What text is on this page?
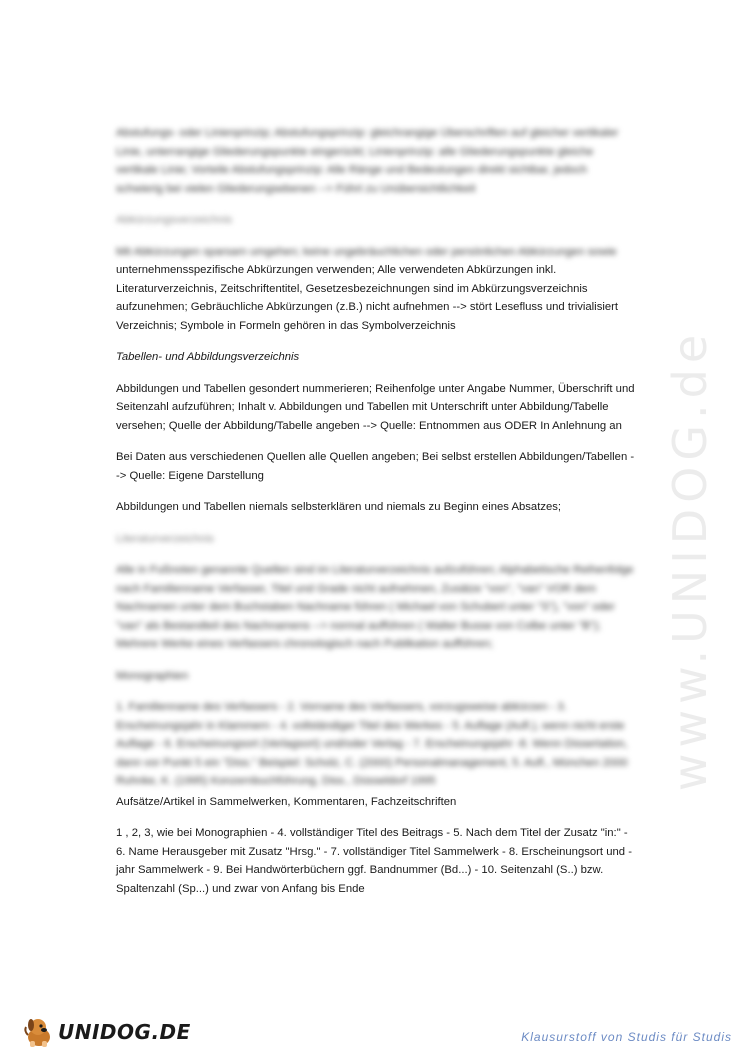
www.UNIDOG.de

Abstufungs- oder Linienprinzip; Abstufungsprinzip: gleichrangige Überschriften auf gleicher vertikaler Linie, unterrangige Gliederungspunkte eingerückt; Linienprinzip: alle Gliederungspunkte gleiche vertikale Linie; Vorteile Abstufungsprinzip: Alle Ränge und Bedeutungen direkt sichtbar, jedoch schwierig bei vielen Gliederungsebenen --> Führt zu Unübersichtlichkeit

Abkürzungsverzeichnis

Mit Abkürzungen sparsam umgehen; keine ungebräuchlichen oder persönlichen Abkürzungen sowie

unternehmensspezifische Abkürzungen verwenden; Alle verwendeten Abkürzungen inkl. Literaturverzeichnis, Zeitschriftentitel, Gesetzesbezeichnungen sind im Abkürzungsverzeichnis aufzunehmen; Gebräuchliche Abkürzungen (z.B.) nicht aufnehmen --> stört Lesefluss und trivialisiert Verzeichnis; Symbole in Formeln gehören in das Symbolverzeichnis

Tabellen- und Abbildungsverzeichnis

Abbildungen und Tabellen gesondert nummerieren; Reihenfolge unter Angabe Nummer, Überschrift und Seitenzahl aufzuführen; Inhalt v. Abbildungen und Tabellen mit Unterschrift unter Abbildung/Tabelle versehen; Quelle der Abbildung/Tabelle angeben --> Quelle: Entnommen aus ODER In Anlehnung an

Bei Daten aus verschiedenen Quellen alle Quellen angeben; Bei selbst erstellen Abbildungen/Tabellen --> Quelle: Eigene Darstellung

Abbildungen und Tabellen niemals selbsterklären und niemals zu Beginn eines Absatzes;

Literaturverzeichnis

Alle in Fußnoten genannte Quellen sind im Literaturverzeichnis aufzuführen; Alphabetische Reihenfolge nach Familienname Verfasser, Titel und Grade nicht aufnehmen, Zusätze "von", "van" VOR dem Nachnamen unter dem Buchstaben Nachname führen ( Michael von Schubert unter "S"), "von" oder "van" als Bestandteil des Nachnamens --> normal aufführen ( Walter Busse von Colbe unter "B"); Mehrere Werke eines Verfassers chronologisch nach Publikation aufführen;

Monographien

1. Familienname des Verfassers - 2. Vorname des Verfassers, vorzugsweise abkürzen - 3. Erscheinungsjahr in Klammern - 4. vollständiger Titel des Werkes - 5. Auflage (Aufl.), wenn nicht erste Auflage - 6. Erscheinungsort (Verlagsort) und/oder Verlag - 7. Erscheinungsjahr -8. Wenn Dissertation, dann vor Punkt 5 ein "Diss." Beispiel: Scholz, C. (2000) Personalmanagement, 5. Aufl., München 2000 Ruhnke, K. (1995) Konzernbuchführung, Diss., Düsseldorf 1995

Aufsätze/Artikel in Sammelwerken, Kommentaren, Fachzeitschriften

1 , 2, 3, wie bei Monographien - 4. vollständiger Titel des Beitrags - 5. Nach dem Titel der Zusatz "in:" - 6. Name Herausgeber mit Zusatz "Hrsg." - 7. vollständiger Titel Sammelwerk - 8. Erscheinungsort und - jahr Sammelwerk - 9. Bei Handwörterbüchern ggf. Bandnummer (Bd...) - 10. Seitenzahl (S..) bzw. Spaltenzahl (Sp...) und zwar von Anfang bis Ende

UNIDOG.DE	Klausurstoff von Studis für Studis
